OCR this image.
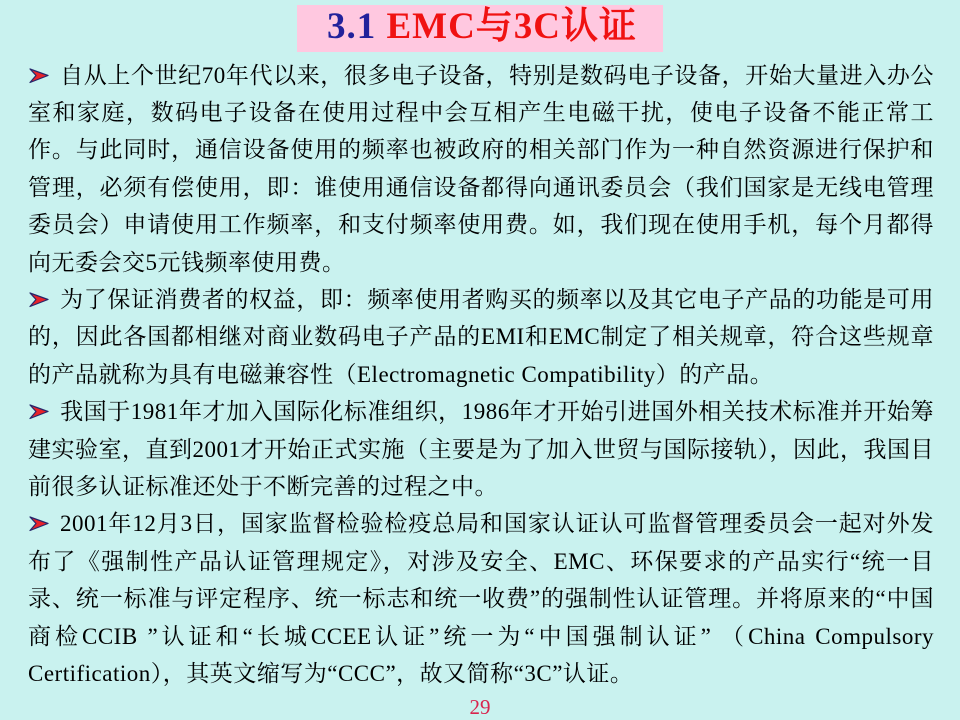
3.1 EMC与3C认证

自从上个世纪70年代以来，很多电子设备，特别是数码电子设备，开始大量进入办公室和家庭，数码电子设备在使用过程中会互相产生电磁干扰，使电子设备不能正常工作。与此同时，通信设备使用的频率也被政府的相关部门作为一种自然资源进行保护和管理，必须有偿使用，即：谁使用通信设备都得向通讯委员会（我们国家是无线电管理委员会）申请使用工作频率，和支付频率使用费。如，我们现在使用手机，每个月都得向无委会交5元钱频率使用费。

为了保证消费者的权益，即：频率使用者购买的频率以及其它电子产品的功能是可用的，因此各国都相继对商业数码电子产品的EMI和EMC制定了相关规章，符合这些规章的产品就称为具有电磁兼容性（Electromagnetic Compatibility）的产品。

我国于1981年才加入国际化标准组织，1986年才开始引进国外相关技术标准并开始筹建实验室，直到2001才开始正式实施（主要是为了加入世贸与国际接轨），因此，我国目前很多认证标准还处于不断完善的过程之中。

2001年12月3日，国家监督检验检疫总局和国家认证认可监督管理委员会一起对外发布了《强制性产品认证管理规定》，对涉及安全、EMC、环保要求的产品实行“统一目录、统一标准与评定程序、统一标志和统一收费”的强制性认证管理。并将原来的“中国商检CCIB ”认证和“长城CCEE认证”统一为“中国强制认证” （China Compulsory Certification），其英文缩写为“CCC”，故又简称“3C”认证。

29
